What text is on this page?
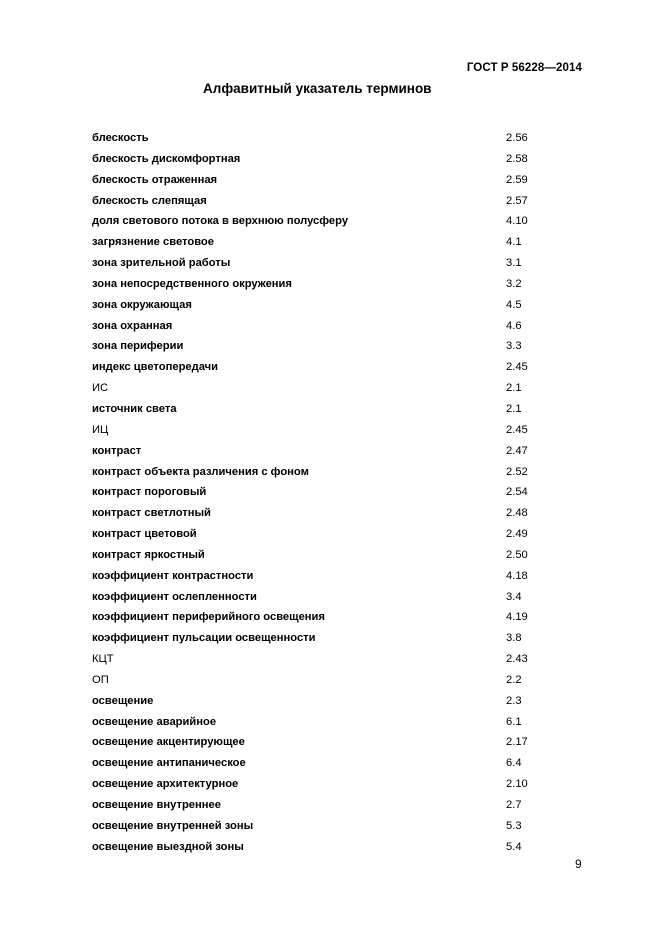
ГОСТ Р 56228—2014
Алфавитный указатель терминов
блескость	2.56
блескость дискомфортная	2.58
блескость отраженная	2.59
блескость слепящая	2.57
доля светового потока в верхнюю полусферу	4.10
загрязнение световое	4.1
зона зрительной работы	3.1
зона непосредственного окружения	3.2
зона окружающая	4.5
зона охранная	4.6
зона периферии	3.3
индекс цветопередачи	2.45
ИС	2.1
источник света	2.1
ИЦ	2.45
контраст	2.47
контраст объекта различения с фоном	2.52
контраст пороговый	2.54
контраст светлотный	2.48
контраст цветовой	2.49
контраст яркостный	2.50
коэффициент контрастности	4.18
коэффициент ослепленности	3.4
коэффициент периферийного освещения	4.19
коэффициент пульсации освещенности	3.8
КЦТ	2.43
ОП	2.2
освещение	2.3
освещение аварийное	6.1
освещение акцентирующее	2.17
освещение антипаническое	6.4
освещение архитектурное	2.10
освещение внутреннее	2.7
освещение внутренней зоны	5.3
освещение выездной зоны	5.4
9
